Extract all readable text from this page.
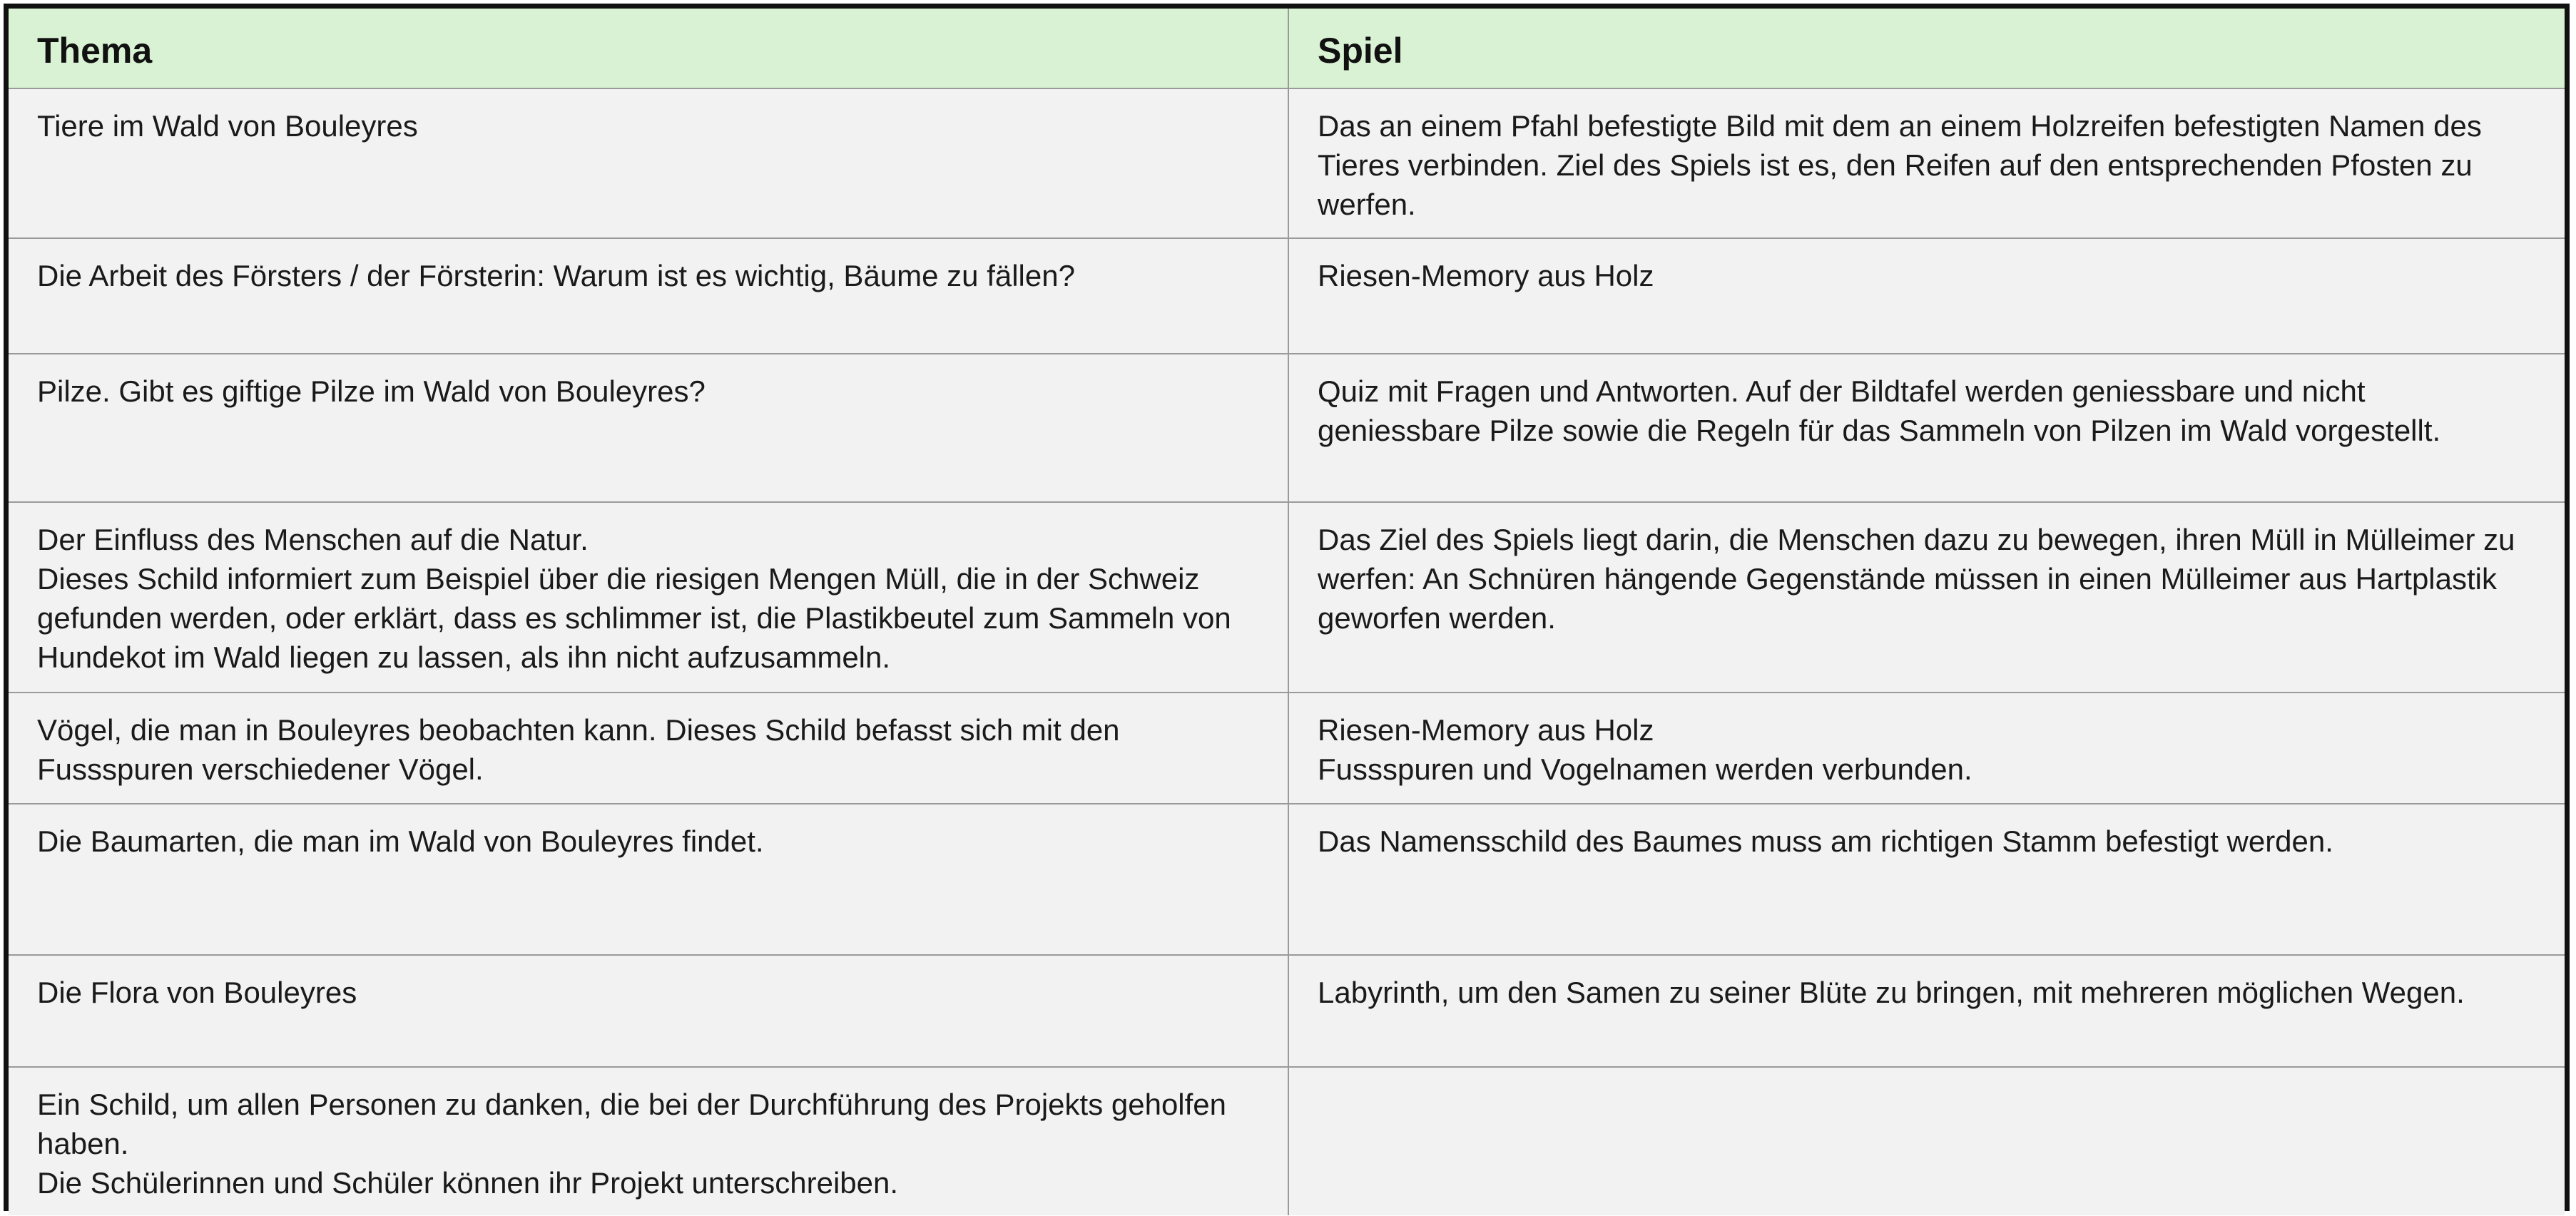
Thema	Spiel

Tiere im Wald von Bouleyres	Das an einem Pfahl befestigte Bild mit dem an einem Holzreifen befestigten Namen des Tieres verbinden. Ziel des Spiels ist es, den Reifen auf den entsprechenden Pfosten zu werfen.

Die Arbeit des Försters / der Försterin: Warum ist es wichtig, Bäume zu fällen?	Riesen-Memory aus Holz

Pilze. Gibt es giftige Pilze im Wald von Bouleyres?	Quiz mit Fragen und Antworten. Auf der Bildtafel werden geniessbare und nicht geniessbare Pilze sowie die Regeln für das Sammeln von Pilzen im Wald vorgestellt.

Der Einfluss des Menschen auf die Natur.
Dieses Schild informiert zum Beispiel über die riesigen Mengen Müll, die in der Schweiz gefunden werden, oder erklärt, dass es schlimmer ist, die Plastikbeutel zum Sammeln von Hundekot im Wald liegen zu lassen, als ihn nicht aufzusammeln.	Das Ziel des Spiels liegt darin, die Menschen dazu zu bewegen, ihren Müll in Mülleimer zu werfen: An Schnüren hängende Gegenstände müssen in einen Mülleimer aus Hartplastik geworfen werden.

Vögel, die man in Bouleyres beobachten kann. Dieses Schild befasst sich mit den Fussspuren verschiedener Vögel.	Riesen-Memory aus Holz
Fussspuren und Vogelnamen werden verbunden.

Die Baumarten, die man im Wald von Bouleyres findet.	Das Namensschild des Baumes muss am richtigen Stamm befestigt werden.

Die Flora von Bouleyres	Labyrinth, um den Samen zu seiner Blüte zu bringen, mit mehreren möglichen Wegen.

Ein Schild, um allen Personen zu danken, die bei der Durchführung des Projekts geholfen haben.
Die Schülerinnen und Schüler können ihr Projekt unterschreiben.	
